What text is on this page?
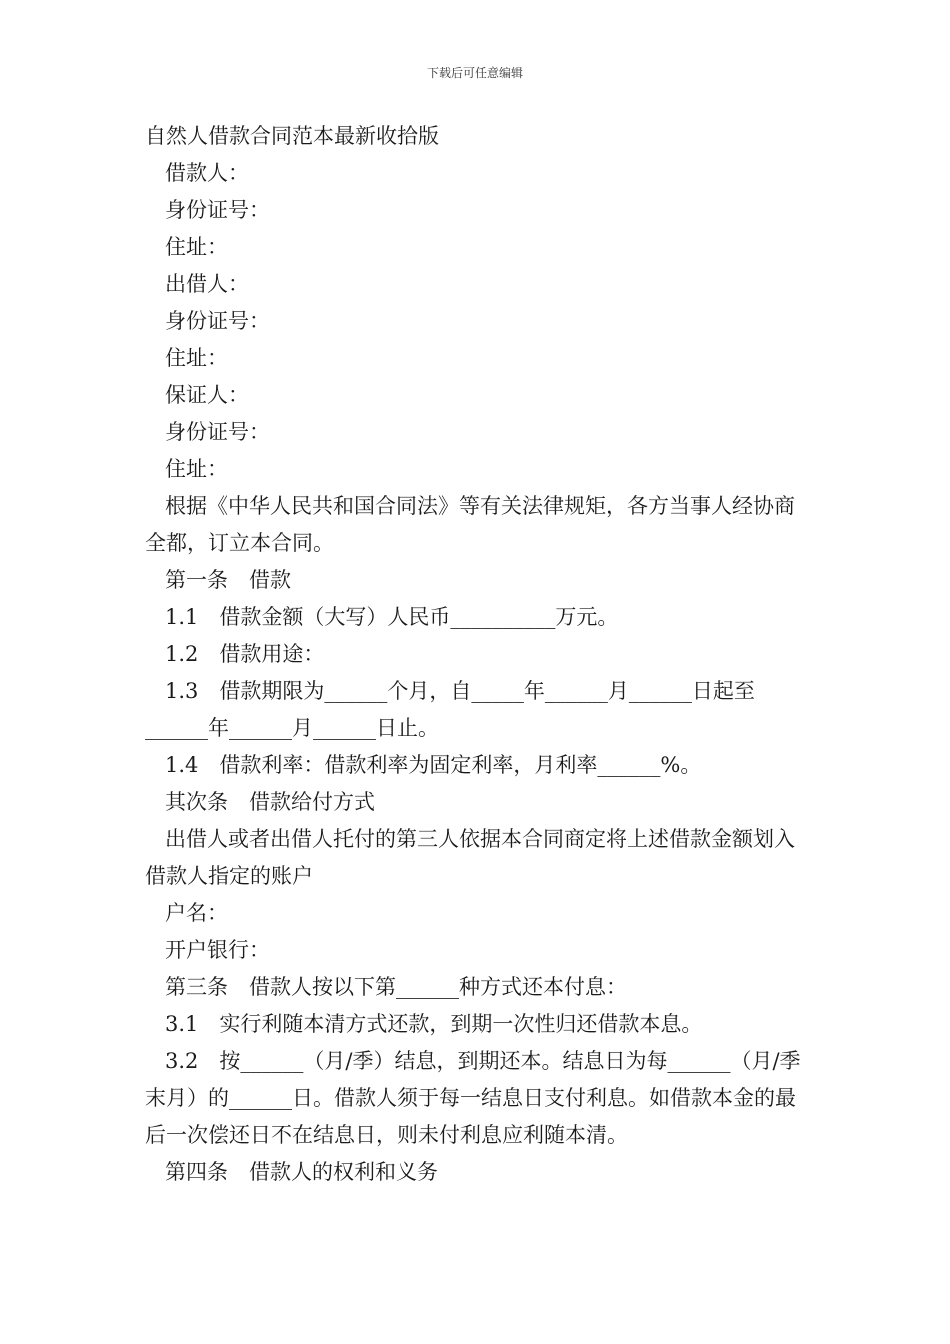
下载后可任意编辑

自然人借款合同范本最新收拾版

借款人：

身份证号：

住址：

出借人：

身份证号：

住址：

保证人：

身份证号：

住址：

根据《中华人民共和国合同法》等有关法律规矩，各方当事人经协商全都，订立本合同。

第一条　借款

1.1　借款金额（大写）人民币__________万元。

1.2　借款用途：

1.3　借款期限为______个月，自_____年______月______日起至______年______月______日止。

1.4　借款利率：借款利率为固定利率，月利率______%。

其次条　借款给付方式

出借人或者出借人托付的第三人依据本合同商定将上述借款金额划入借款人指定的账户

户名：

开户银行：

第三条　借款人按以下第______种方式还本付息：

3.1　实行利随本清方式还款，到期一次性归还借款本息。

3.2　按______（月/季）结息，到期还本。结息日为每______（月/季末月）的______日。借款人须于每一结息日支付利息。如借款本金的最后一次偿还日不在结息日，则未付利息应利随本清。

第四条　借款人的权利和义务
